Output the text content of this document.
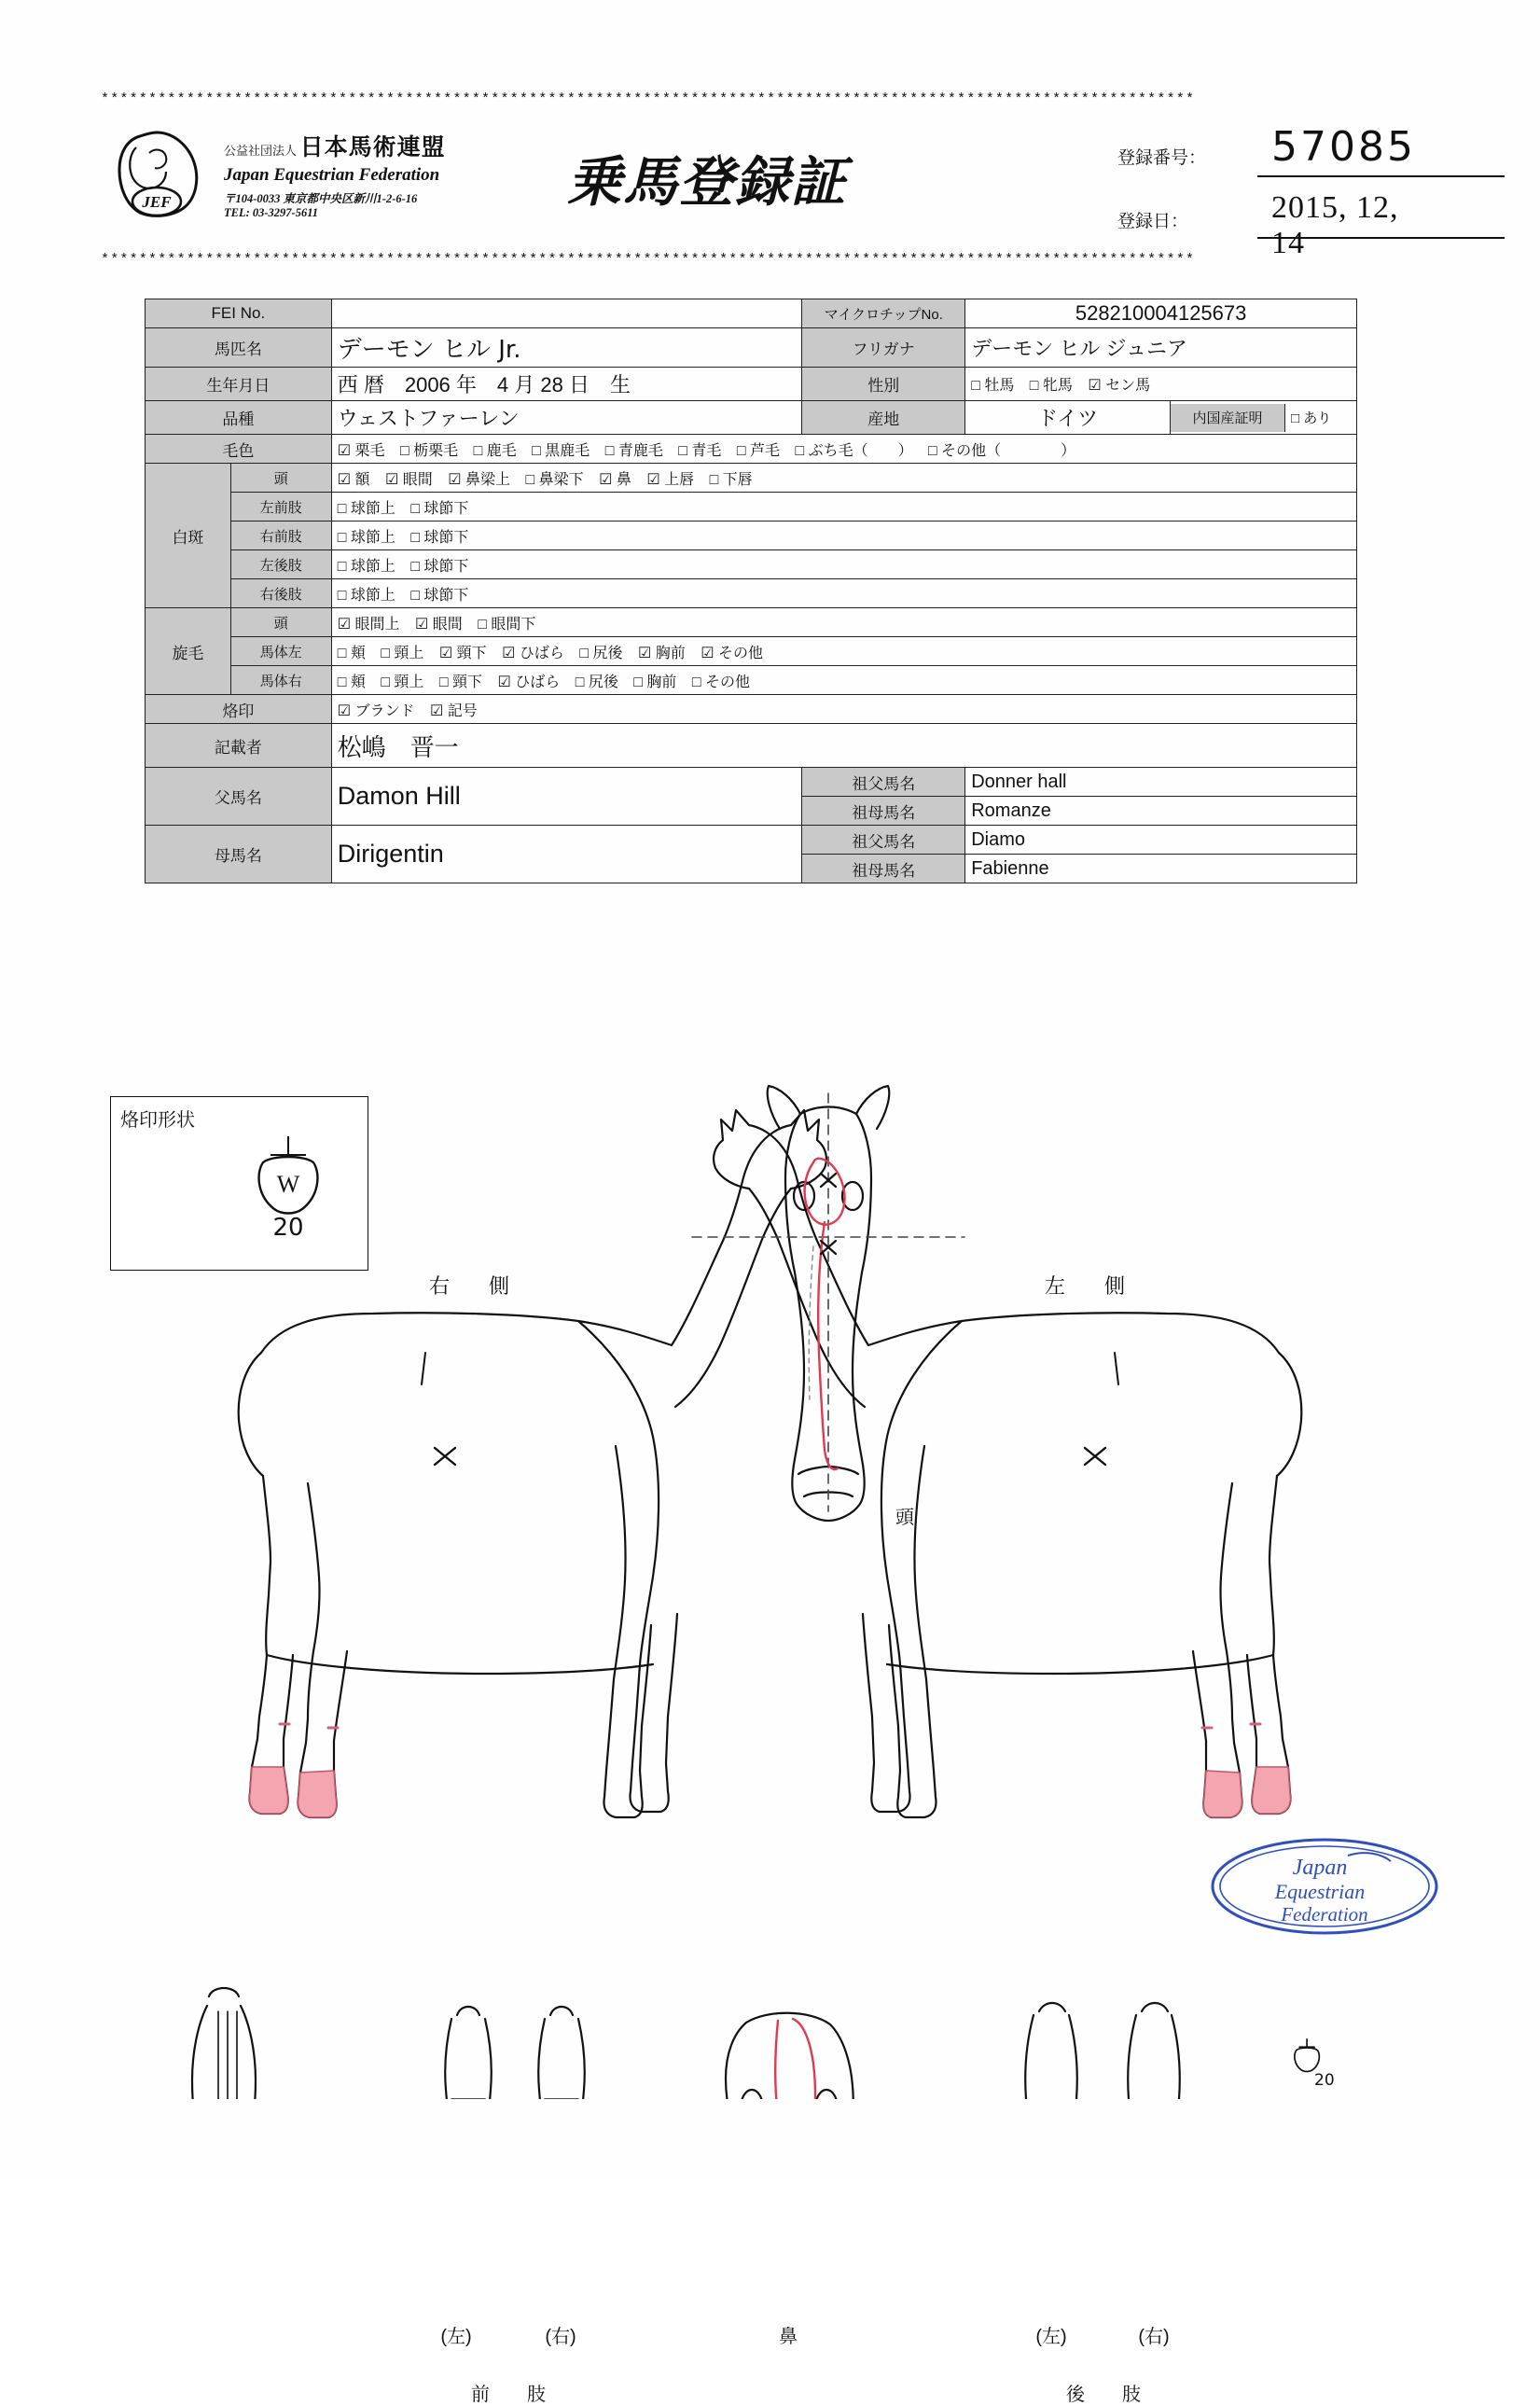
*******************************************************************************************************************
JEF
公益社団法人 日本馬術連盟
Japan Equestrian Federation
〒104-0033 東京都中央区新川1-2-6-16
TEL: 03-3297-5611	乗馬登録証	登録番号： 57085
登録日：	2015, 12, 14
*******************************************************************************************************************
FEI No.		マイクロチップNo.	528210004125673
馬匹名	デーモン ヒル Jr.	フリガナ	デーモン ヒル ジュニア
生年月日	西 暦　2006 年　4 月 28 日　生	性別	□ 牡馬 □ 牝馬 ☑ セン馬
品種	ウェストファーレン	産地	ドイツ		内国産証明	□ あり

毛色	☑ 栗毛 □ 栃栗毛 □ 鹿毛 □ 黒鹿毛 □ 青鹿毛 □ 青毛 □ 芦毛 □ ぶち毛（　　） □ その他（　　　　）
白斑	頭	☑ 額 ☑ 眼間 ☑ 鼻梁上 □ 鼻梁下 ☑ 鼻 ☑ 上唇 □ 下唇
左前肢	□ 球節上 □ 球節下
右前肢	□ 球節上 □ 球節下
左後肢	□ 球節上 □ 球節下
右後肢	□ 球節上 □ 球節下
旋毛	頭	☑ 眼間上 ☑ 眼間 □ 眼間下
馬体左	□ 頬 □ 頸上 ☑ 頸下 ☑ ひばら □ 尻後 ☑ 胸前 ☑ その他
馬体右	□ 頬 □ 頸上 □ 頸下 ☑ ひばら □ 尻後 □ 胸前 □ その他
烙印	☑ ブランド ☑ 記号
記載者	松嶋　晋一
父馬名	Damon Hill	祖父馬名	Donner hall
祖母馬名	Romanze
母馬名	Dirigentin	祖父馬名	Diamo
祖母馬名	Fabienne
烙印形状
W
20
右　側	左　側
頭
20
(左)	(右)
前　肢
鼻	(左)	(右)
後　肢
Japan
Equestrian
Federation
